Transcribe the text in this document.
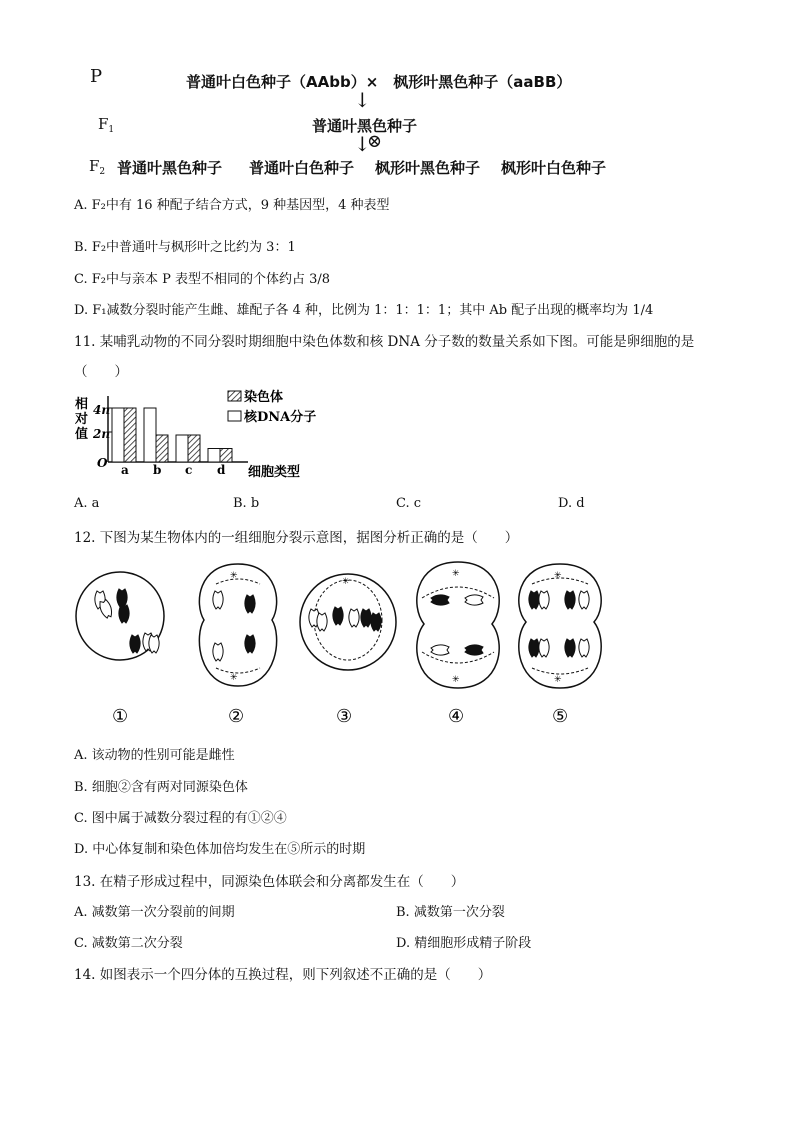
P	普通叶白色种子（AAbb）×　枫形叶黑色种子（aaBB）
↓
$F_1$	普通叶黑色种子
↓
⊗
$F_2$ 普通叶黑色种子 普通叶白色种子 枫形叶黑色种子 枫形叶白色种子
A. F₂中有 16 种配子结合方式，9 种基因型，4 种表型
B. F₂中普通叶与枫形叶之比约为 3：1
C. F₂中与亲本 P 表型不相同的个体约占 3/8
D. F₁减数分裂时能产生雌、雄配子各 4 种，比例为 1：1：1：1；其中 Ab 配子出现的概率均为 1/4
11. 某哺乳动物的不同分裂时期细胞中染色体数和核 DNA 分子数的数量关系如下图。可能是卵细胞的是
（　　）
相
对
值
4n
2n
O a b c d
染色体
核DNA分子
细胞类型
A. a	B. b	C. c	D. d
12. 下图为某生物体内的一组细胞分裂示意图，据图分析正确的是（　　）
✳
✳
✳
✳
✳
✳
✳
①	②	③	④	⑤
A. 该动物的性别可能是雌性
B. 细胞②含有两对同源染色体
C. 图中属于减数分裂过程的有①②④
D. 中心体复制和染色体加倍均发生在⑤所示的时期
13. 在精子形成过程中，同源染色体联会和分离都发生在（　　）
A. 减数第一次分裂前的间期	B. 减数第一次分裂
C. 减数第二次分裂	D. 精细胞形成精子阶段
14. 如图表示一个四分体的互换过程，则下列叙述不正确的是（　　）
